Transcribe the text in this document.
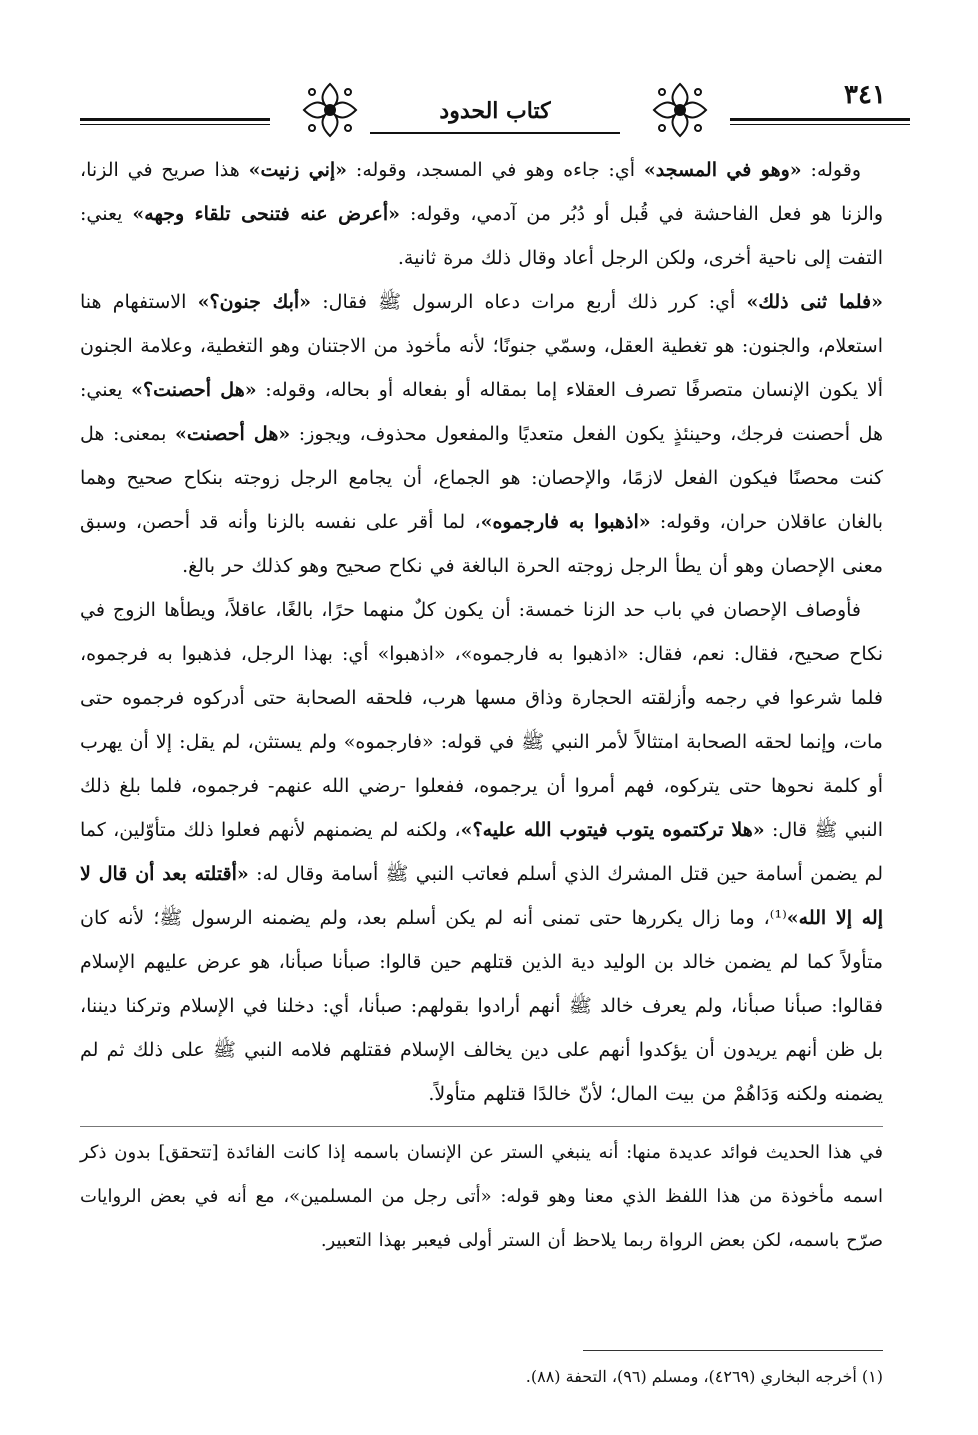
٣٤١
كتاب الحدود

وقوله: «وهو في المسجد» أي: جاءه وهو في المسجد، وقوله: «إني زنيت» هذا صريح في الزنا، والزنا هو فعل الفاحشة في قُبل أو دُبُر من آدمي، وقوله: «أعرض عنه فتنحى تلقاء وجهه» يعني: التفت إلى ناحية أخرى، ولكن الرجل أعاد وقال ذلك مرة ثانية.

«فلما ثنى ذلك» أي: كرر ذلك أربع مرات دعاه الرسول ﷺ فقال: «أبك جنون؟» الاستفهام هنا استعلام، والجنون: هو تغطية العقل، وسمّي جنونًا؛ لأنه مأخوذ من الاجتنان وهو التغطية، وعلامة الجنون ألا يكون الإنسان متصرفًا تصرف العقلاء إما بمقاله أو بفعاله أو بحاله، وقوله: «هل أحصنت؟» يعني: هل أحصنت فرجك، وحينئذٍ يكون الفعل متعديًا والمفعول محذوف، ويجوز: «هل أحصنت» بمعنى: هل كنت محصنًا فيكون الفعل لازمًا، والإحصان: هو الجماع، أن يجامع الرجل زوجته بنكاح صحيح وهما بالغان عاقلان حران، وقوله: «اذهبوا به فارجموه»، لما أقر على نفسه بالزنا وأنه قد أحصن، وسبق معنى الإحصان وهو أن يطأ الرجل زوجته الحرة البالغة في نكاح صحيح وهو كذلك حر بالغ.

فأوصاف الإحصان في باب حد الزنا خمسة: أن يكون كلٌ منهما حرًا، بالغًا، عاقلاً، ويطأها الزوج في نكاح صحيح، فقال: نعم، فقال: «اذهبوا به فارجموه»، «اذهبوا» أي: بهذا الرجل، فذهبوا به فرجموه، فلما شرعوا في رجمه وأزلقته الحجارة وذاق مسها هرب، فلحقه الصحابة حتى أدركوه فرجموه حتى مات، وإنما لحقه الصحابة امتثالاً لأمر النبي ﷺ في قوله: «فارجموه» ولم يستثن، لم يقل: إلا أن يهرب أو كلمة نحوها حتى يتركوه، فهم أمروا أن يرجموه، ففعلوا -رضي الله عنهم- فرجموه، فلما بلغ ذلك النبي ﷺ قال: «هلا تركتموه يتوب فيتوب الله عليه؟»، ولكنه لم يضمنهم لأنهم فعلوا ذلك متأوّلين، كما لم يضمن أسامة حين قتل المشرك الذي أسلم فعاتب النبي ﷺ أسامة وقال له: «أقتلته بعد أن قال لا إله إلا الله»⁽¹⁾، وما زال يكررها حتى تمنى أنه لم يكن أسلم بعد، ولم يضمنه الرسول ﷺ؛ لأنه كان متأولاً كما لم يضمن خالد بن الوليد دية الذين قتلهم حين قالوا: صبأنا صبأنا، هو عرض عليهم الإسلام فقالوا: صبأنا صبأنا، ولم يعرف خالد ﷺ أنهم أرادوا بقولهم: صبأنا، أي: دخلنا في الإسلام وتركنا ديننا، بل ظن أنهم يريدون أن يؤكدوا أنهم على دين يخالف الإسلام فقتلهم فلامه النبي ﷺ على ذلك ثم لم يضمنه ولكنه وَدَاهُمْ من بيت المال؛ لأنّ خالدًا قتلهم متأولاً.

في هذا الحديث فوائد عديدة منها: أنه ينبغي الستر عن الإنسان باسمه إذا كانت الفائدة [تتحقق] بدون ذكر اسمه مأخوذة من هذا اللفظ الذي معنا وهو قوله: «أتى رجل من المسلمين»، مع أنه في بعض الروايات صرّح باسمه، لكن بعض الرواة ربما يلاحظ أن الستر أولى فيعبر بهذا التعبير.

(١) أخرجه البخاري (٤٢٦٩)، ومسلم (٩٦)، التحفة (٨٨).
